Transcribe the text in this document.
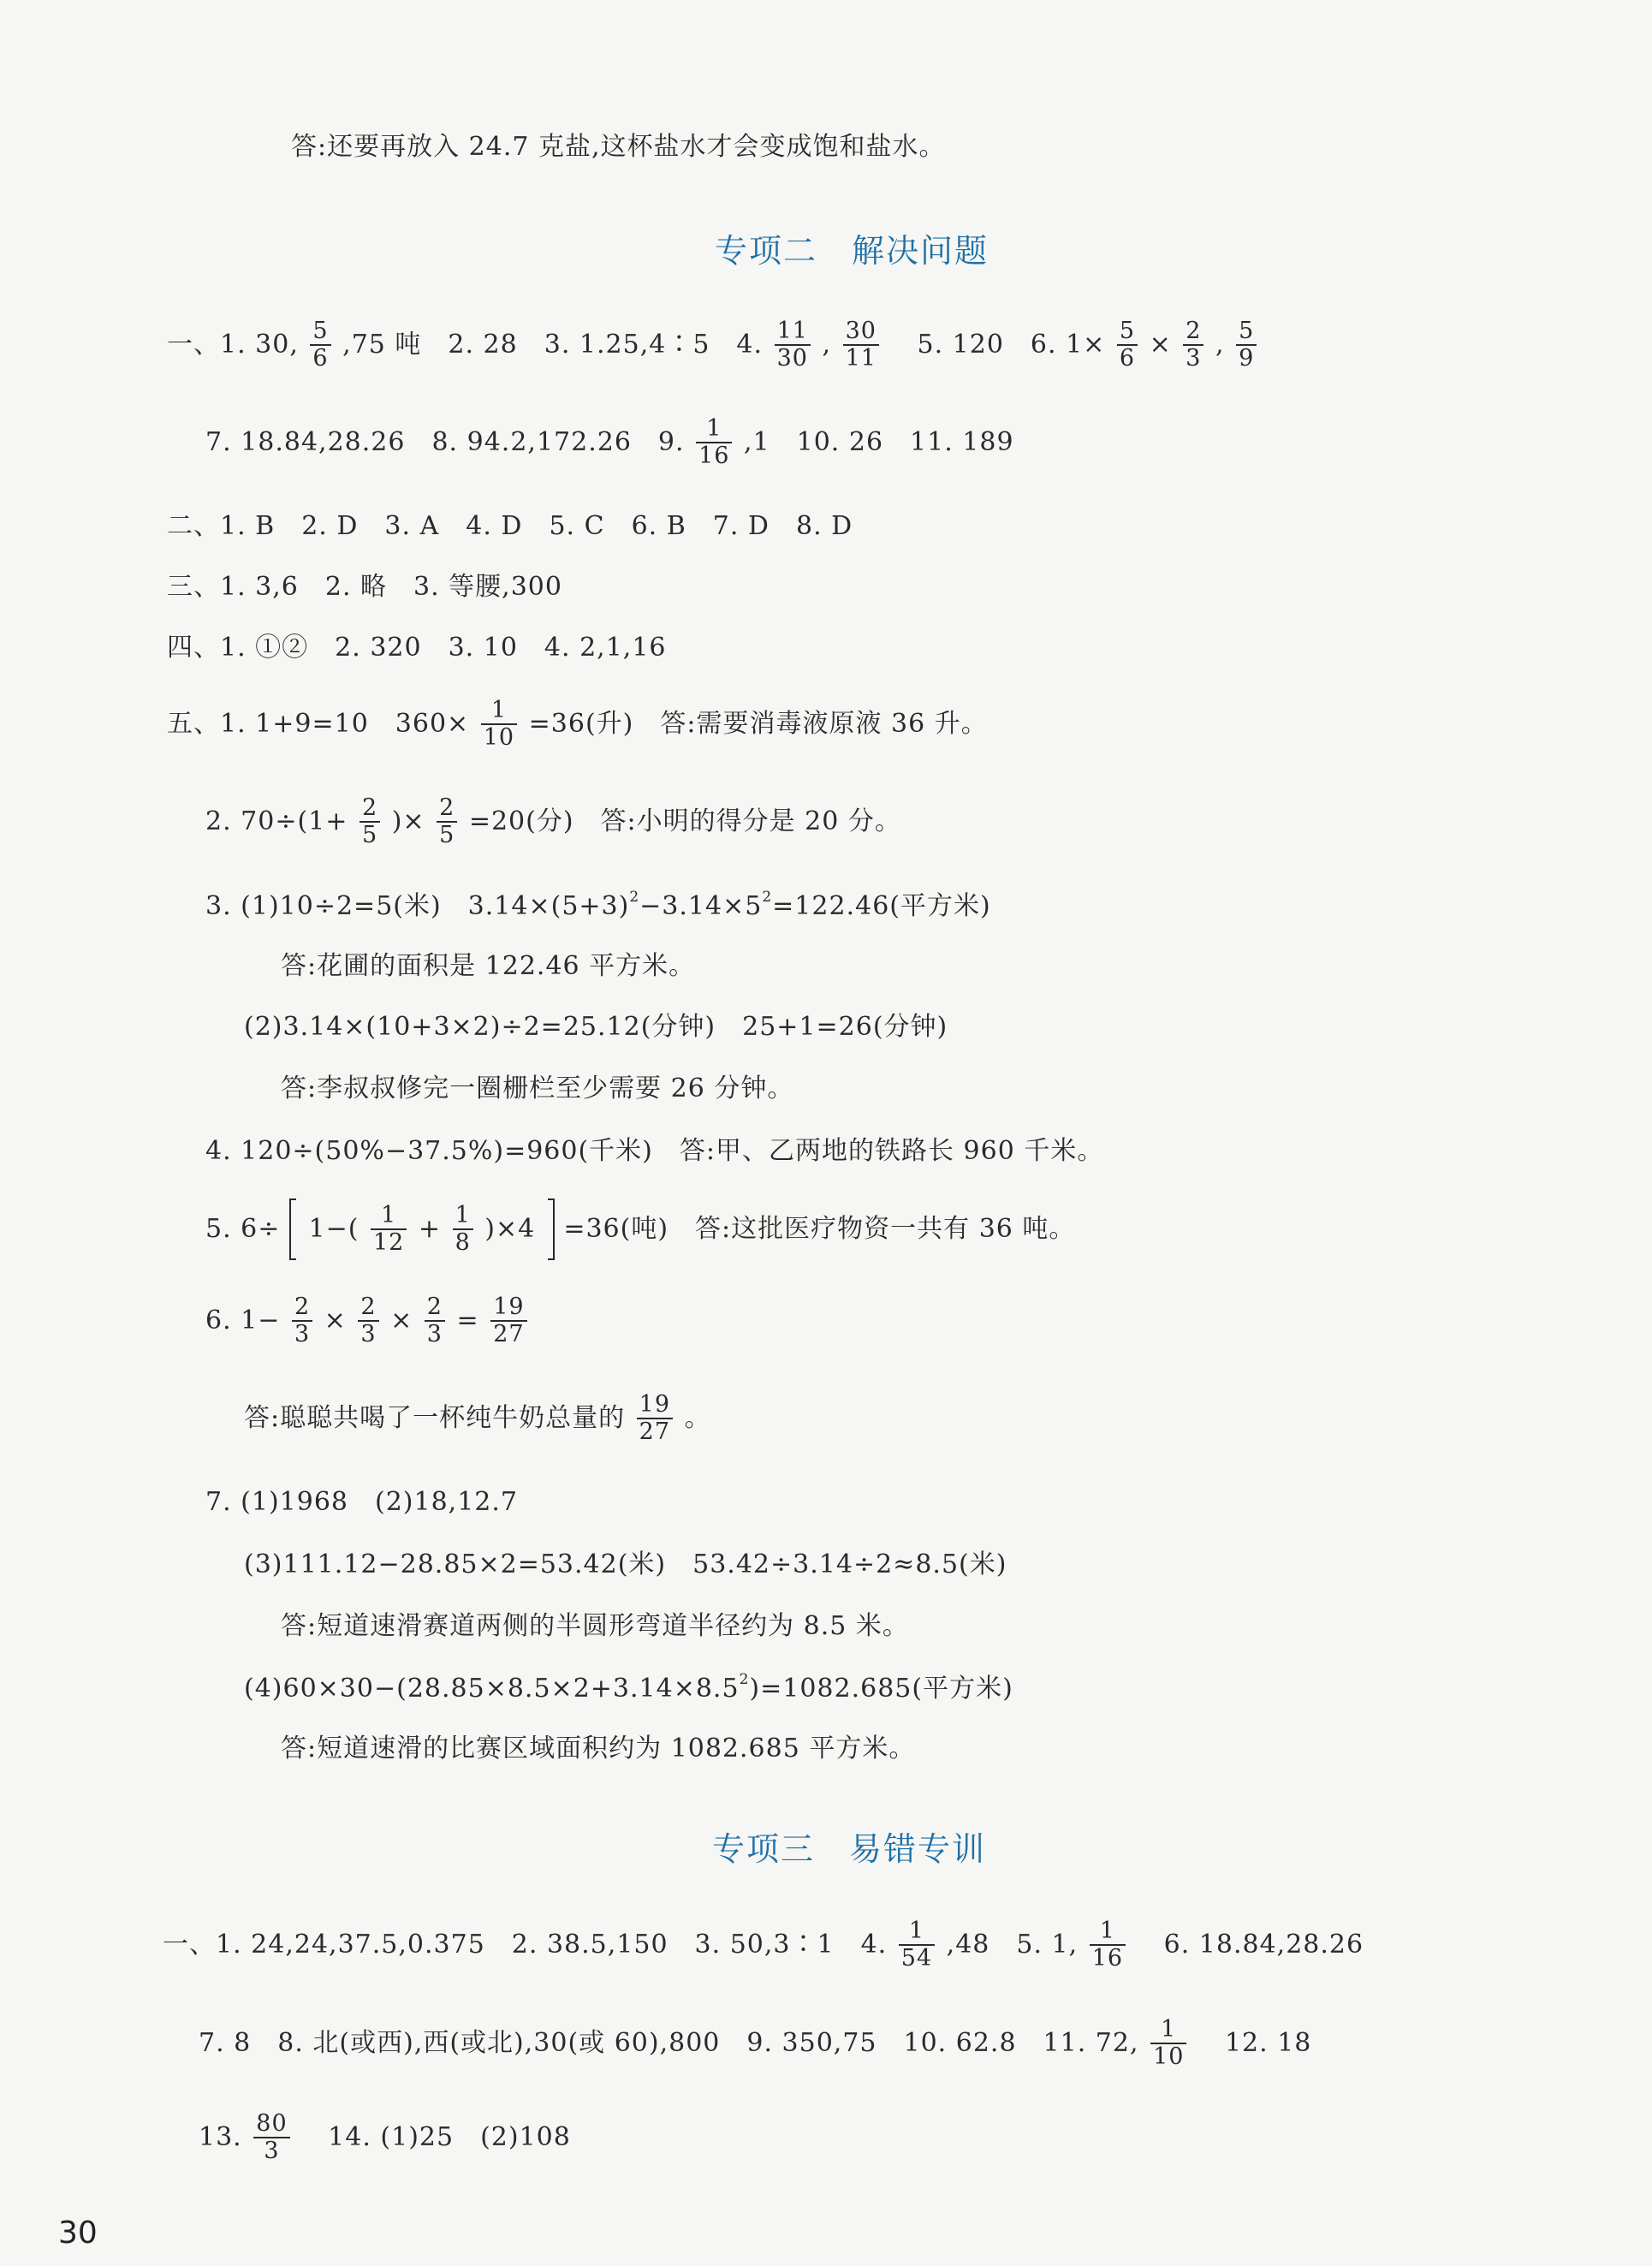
答:还要再放入 24.7 克盐,这杯盐水才会变成饱和盐水。
专项二　解决问题
一、1. 30, $\frac{5}{6} ,75$ 吨　2. 28　3. 1.25,4∶5　4. $\frac{11}{30}$ , $\frac{30}{11}$ 　5. 120　6. $1\times \frac{5}{6} \times \frac{2}{3}$ , $\frac{5}{9}$
7. 18.84,28.26　8. 94.2,172.26　9. $\frac{1}{16} ,1$　10. 26　11. 189
二、1. B　2. D　3. A　4. D　5. C　6. B　7. D　8. D
三、1. 3,6　2. 略　3. 等腰,300
四、1. ①②　2. 320　3. 10　4. 2,1,16
五、1. 1+9=10　$360\times \frac{1}{10} =36$(升)　答:需要消毒液原液 36 升。
2. $70\div(1+ \frac{2}{5}$ )× $\frac{2}{5} =20$(分)　答:小明的得分是 20 分。
3. (1)10÷2=5(米)　$3.14\times(5+3)^2-3.14\times 5^2=122.46$(平方米)
答:花圃的面积是 122.46 平方米。
(2)3.14×(10+3×2)÷2=25.12(分钟)　25+1=26(分钟)
答:李叔叔修完一圈栅栏至少需要 26 分钟。
4. 120÷(50%−37.5%)=960(千米)　答:甲、乙两地的铁路长 960 千米。
5. $6\div 1-( \frac{1}{12} + \frac{1}{8} )\times 4 =36$(吨)　答:这批医疗物资一共有 36 吨。
6. $1- \frac{2}{3} \times \frac{2}{3} \times \frac{2}{3} = \frac{19}{27}$
答:聪聪共喝了一杯纯牛奶总量的 $\frac{19}{27}$ 。
7. (1)1968　(2)18,12.7
(3)111.12−28.85×2=53.42(米)　53.42÷3.14÷2≈8.5(米)
答:短道速滑赛道两侧的半圆形弯道半径约为 8.5 米。
$(4)60\times 30-(28.85\times 8.5\times 2+3.14\times 8.5^2)=1082.685$(平方米)
答:短道速滑的比赛区域面积约为 1082.685 平方米。
专项三　易错专训
一、1. 24,24,37.5,0.375　2. 38.5,150　3. 50,3∶1　4. $\frac{1}{54} ,48$　5. 1, $\frac{1}{16}$ 　6. 18.84,28.26
7. 8　8. 北(或西),西(或北),30(或 60),800　9. 350,75　10. 62.8　11. 72, $\frac{1}{10}$ 　12. 18
13. $\frac{80}{3}$ 　14. (1)25　(2)108
30
